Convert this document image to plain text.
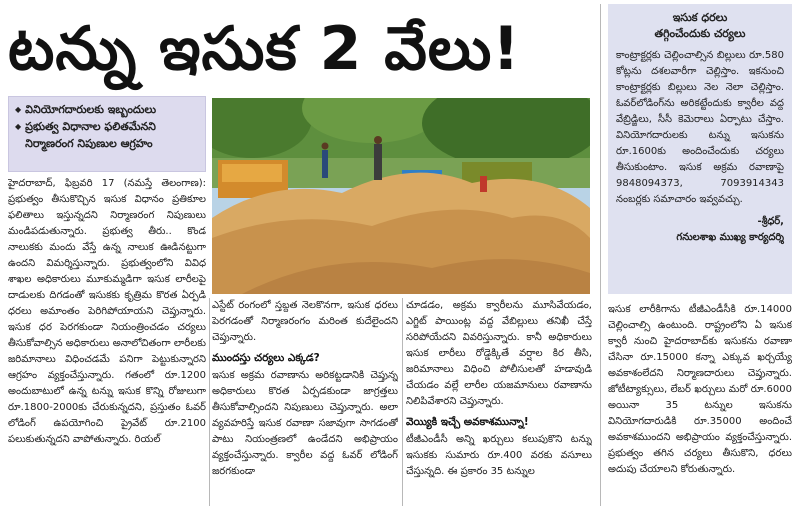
టన్ను ఇసుక 2 వేలు!
◆ వినియోగదారులకు ఇబ్బందులు
◆ ప్రభుత్వ విధానాల ఫలితమేనని నిర్మాణరంగ నిపుణుల ఆగ్రహం
హైదరాబాద్, ఫిబ్రవరి 17 (నమస్తే తెలంగాణ): ప్రభుత్వం తీసుకొచ్చిన ఇసుక విధానం ప్రతికూల ఫలితాలు ఇస్తున్నదని నిర్మాణరంగ నిపుణులు మండిపడుతున్నారు. ప్రభుత్వ తీరు.. కొండ నాలుకకు మందు వేస్తే ఉన్న నాలుక ఊడినట్టుగా ఉందని విమర్శిస్తున్నారు. ప్రభుత్వంలోని వివిధ శాఖల అధికారులు మూకుమ్మడిగా ఇసుక లారీలపై దాడులకు దిగడంతో ఇసుకకు కృత్రిమ కొరత ఏర్పడి ధరలు అమాంతం పెరిగిపోయాయని చెప్తున్నారు. ఇసుక ధర పెరగకుండా నియంత్రించడం చర్యలు తీసుకోవాల్సిన అధికారులు అనాలోచితంగా లారీలకు జరిమానాలు విధించడమే పనిగా పెట్టుకున్నారని ఆగ్రహం వ్యక్తంచేస్తున్నారు. గతంలో రూ.1200 అందుబాటులో ఉన్న టన్ను ఇసుక కొన్ని రోజులుగా రూ.1800-2000కు చేరుకున్నదని, ప్రస్తుతం ఓవర్ లోడింగ్ ఉపయోగించి ప్రైవేట్ రూ.2100 పలుకుతున్నదని వాపోతున్నారు. రియల్
ఎస్టేట్ రంగంలో స్తబ్దత నెలకొనగా, ఇసుక ధరలు పెరగడంతో నిర్మాణరంగం మరింత కుదేలైందని చెప్తున్నారు.
ముందస్తు చర్యలు ఎక్కడ?
ఇసుక అక్రమ రవాణాను అరికట్టడానికి చెప్తున్న అధికారులు కొరత ఏర్పడకుండా జాగ్రత్తలు తీసుకోవాల్సిందని నిపుణులు చెప్తున్నారు. అలా వ్యవహరిస్తే ఇసుక రవాణా సజావుగా సాగడంతో పాటు నియంత్రణలో ఉండేదని అభిప్రాయం వ్యక్తంచేస్తున్నారు. క్వారీల వద్ద ఓవర్ లోడింగ్ జరగకుండా
చూడడం, అక్రమ క్వారీలను మూసివేయడం, ఎగ్జిట్ పాయింట్ల వద్ద వేబిల్లులు తనిఖీ చేస్తే సరిపోయేదని వివరిస్తున్నారు. కానీ అధికారులు ఇసుక లారీలు రోడ్డెక్కితే వర్షాల కిర తీసి, జరిమానాలు విధించి పోలీసులతో హడావుడి చేయడం వల్లే లారీల యజమానులు రవాణాను నిలిపివేశారని చెప్తున్నారు.
వెయ్యికి ఇచ్చే అవకాశమున్నా!
టీజీఎండీసీ అన్ని ఖర్చులు కలుపుకొని టన్ను ఇసుకకు సుమారు రూ.400 వరకు వసూలు చేస్తున్నది. ఈ ప్రకారం 35 టన్నుల
ఇసుక ధరలు
తగ్గించేందుకు చర్యలు
కాంట్రాక్టర్లకు చెల్లించాల్సిన బిల్లులు రూ.580 కోట్లను దశలవారీగా చెల్లిస్తాం. ఇకనుంచి కాంట్రాక్టర్లకు బిల్లులు నెల నెలా చెల్లిస్తాం. ఓవర్‌లోడింగ్‌ను అరికట్టేందుకు క్వారీల వద్ద వేబ్రిడ్జిలు, సీసీ కెమెరాలు ఏర్పాటు చేస్తాం. వినియోగదారులకు టన్ను ఇసుకను రూ.1600కు అందించేందుకు చర్యలు తీసుకుంటాం. ఇసుక అక్రమ రవాణాపై 9848094373, 7093914343 నంబర్లకు సమాచారం ఇవ్వవచ్చు.
-శ్రీధర్,
గనులశాఖ ముఖ్య కార్యదర్శి
ఇసుక లారీకిగాను టీజీఎండీసీకి రూ.14000 చెల్లించాల్సి ఉంటుంది. రాష్ట్రంలోని ఏ ఇసుక క్వారీ నుంచి హైదరాబాద్‌కు ఇసుకను రవాణా చేసినా రూ.15000 కన్నా ఎక్కువ ఖర్చయ్యే అవకాశంలేదని నిర్మాణదారులు చెప్తున్నారు. జోటీట్యాక్సులు, లేబర్ ఖర్చులు మరో రూ.6000 అయినా 35 టన్నుల ఇసుకను వినియోగదారుడికి రూ.35000 అందించే అవకాశముందని అభిప్రాయం వ్యక్తంచేస్తున్నారు. ప్రభుత్వం తగిన చర్యలు తీసుకొని, ధరలు అదుపు చేయాలని కోరుతున్నారు.
